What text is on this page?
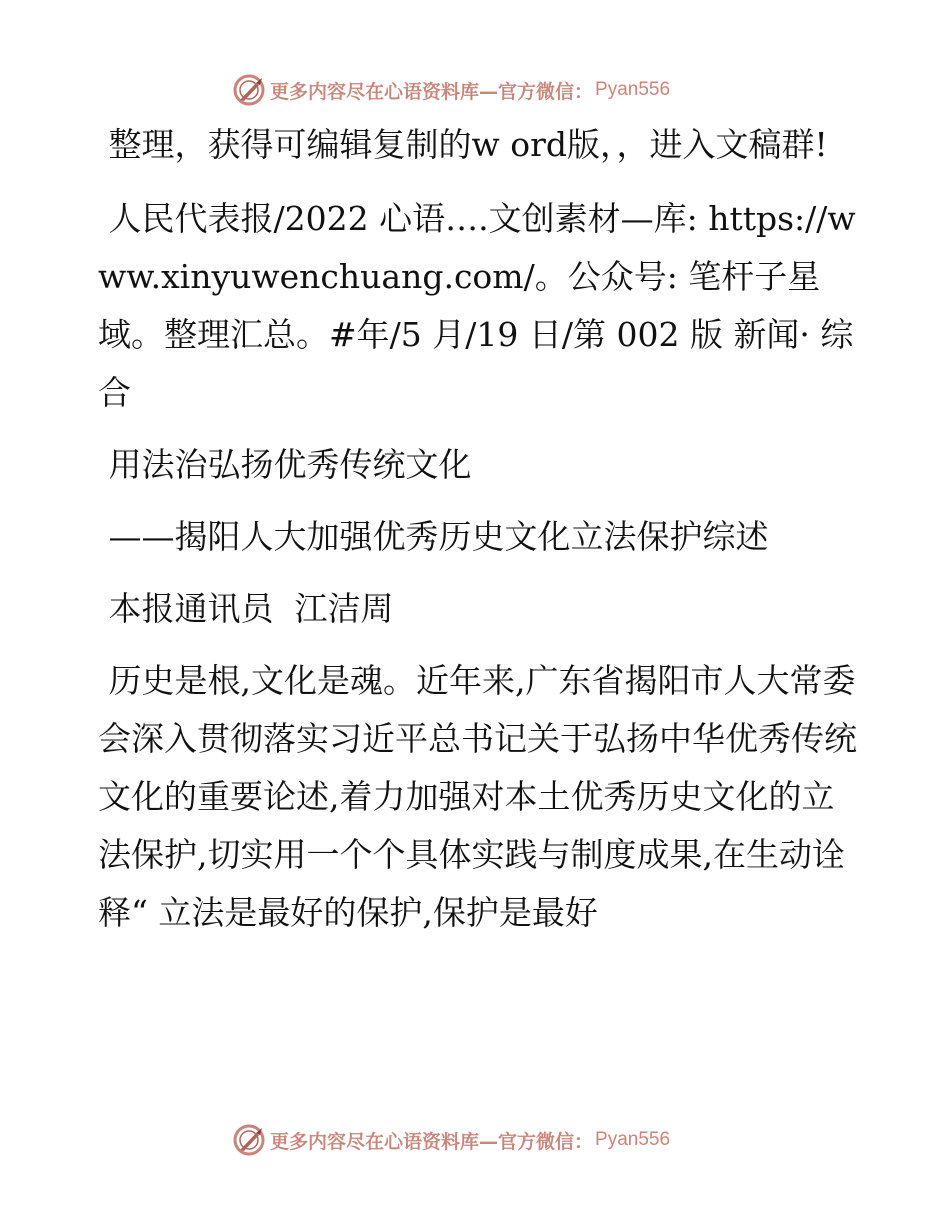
更多内容尽在心语资料库—官方微信： Pyan556

整理，获得可编辑复制的w ord版，，进入文稿群!

人民代表报/2022 心语….文创素材—库: https://www.xinyuwenchuang.com/。公众号: 笔杆子星域。整理汇总。#年/5 月/19 日/第 002 版 新闻· 综合

用法治弘扬优秀传统文化

——揭阳人大加强优秀历史文化立法保护综述

本报通讯员  江洁周

历史是根,文化是魂。近年来,广东省揭阳市人大常委会深入贯彻落实习近平总书记关于弘扬中华优秀传统文化的重要论述,着力加强对本土优秀历史文化的立法保护,切实用一个个具体实践与制度成果,在生动诠释“ 立法是最好的保护,保护是最好

更多内容尽在心语资料库—官方微信： Pyan556
